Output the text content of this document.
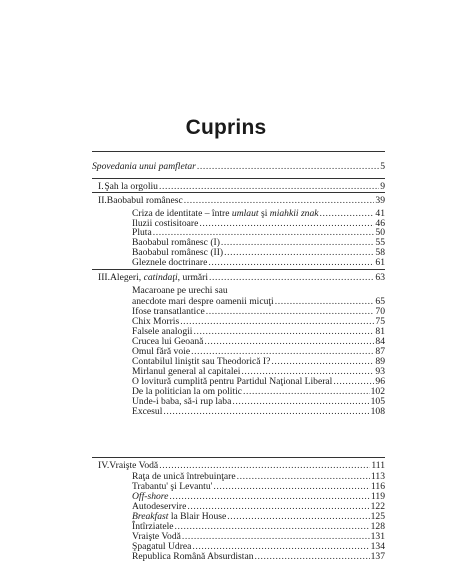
Cuprins
Spovedania unui pamfletar .....	5
I. Şah la orgoliu .....	9
II. Baobabul românesc .....	39
Criza de identitate – între umlaut şi miahkii znak .....	41
Iluzii costisitoare .....	46
Pluta .....	50
Baobabul românesc (I) .....	55
Baobabul românesc (II) .....	58
Gleznele doctrinare .....	61
III. Alegeri, catindaţi, urmări .....	63
Macaroane pe urechi sau
anecdote mari despre oamenii micuţi .....	65
Ifose transatlantice .....	70
Chix Morris .....	75
Falsele analogii .....	81
Crucea lui Geoană .....	84
Omul fără voie .....	87
Contabilul liniştit sau Theodorică I? .....	89
Mirlanul general al capitalei .....	93
O lovitură cumplită pentru Partidul Naţional Liberal .....	96
De la politician la om politic .....	102
Unde-i baba, să-i rup laba .....	105
Excesul .....	108
IV. Vraişte Vodă .....	111
Raţa de unică întrebuinţare .....	113
Trabantu' şi Levantu' .....	116
Off-shore .....	119
Autodeservire .....	122
Breakfast la Blair House .....	125
Întîrziatele .....	128
Vraişte Vodă .....	131
Şpagatul Udrea .....	134
Republica Română Absurdistan .....	137
